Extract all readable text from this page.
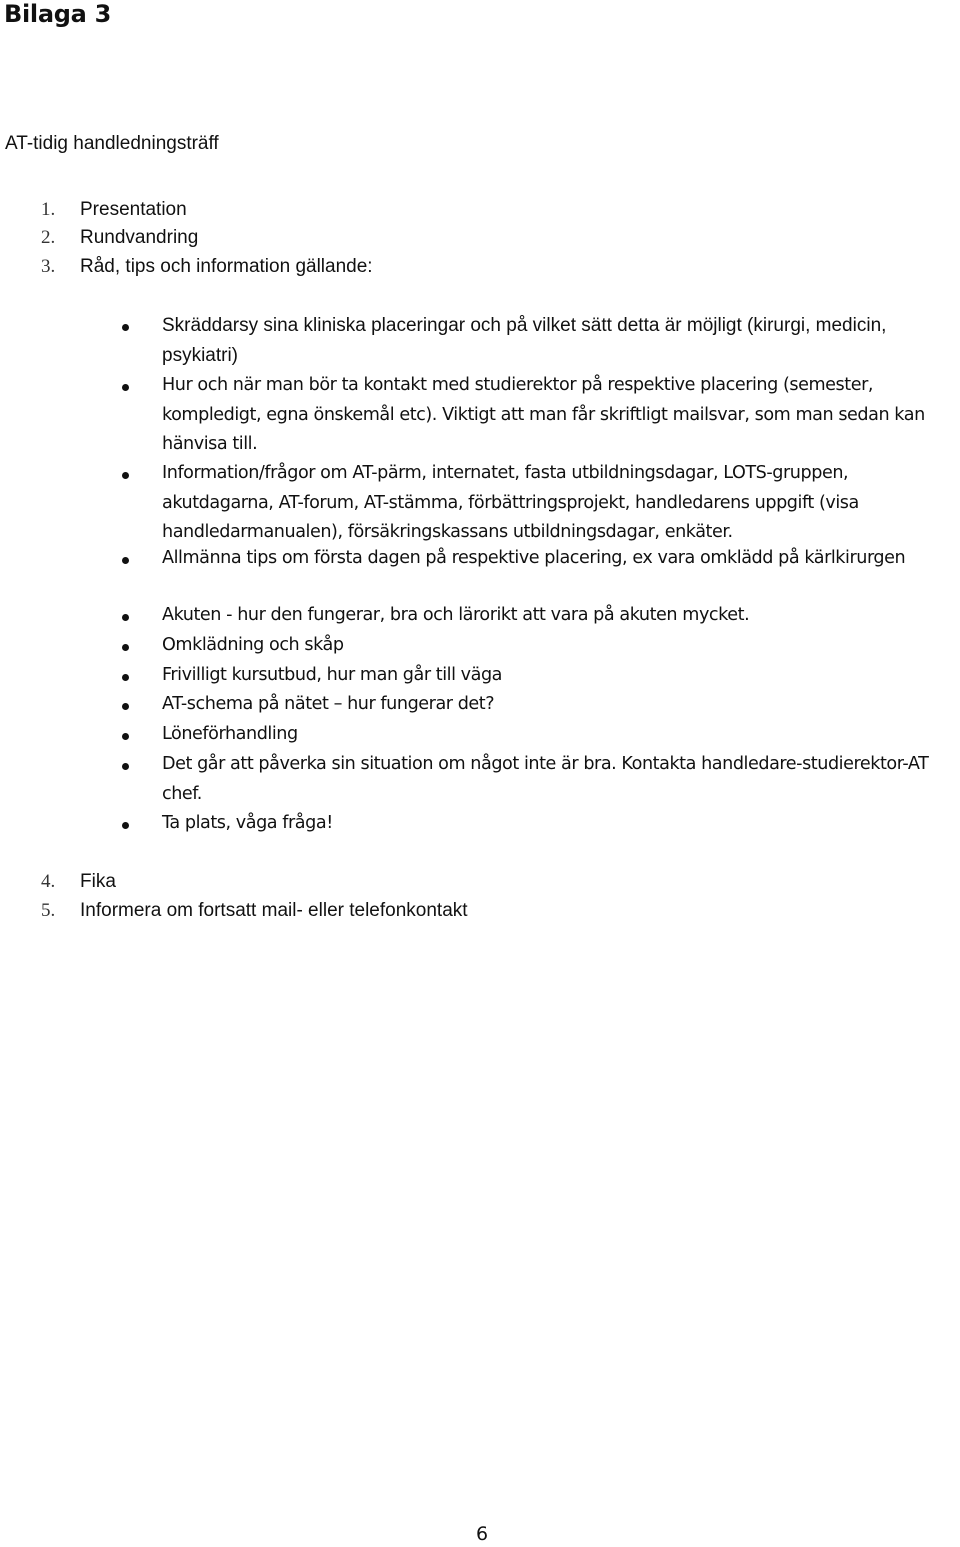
Bilaga 3
AT-tidig handledningsträff
1.	Presentation
2.	Rundvandring
3.	Råd, tips och information gällande:
Skräddarsy sina kliniska placeringar och på vilket sätt detta är möjligt (kirurgi, medicin, psykiatri)
Hur och när man bör ta kontakt med studierektor på respektive placering (semester, kompledigt, egna önskemål etc). Viktigt att man får skriftligt mailsvar, som man sedan kan hänvisa till.
Information/frågor om AT-pärm, internatet, fasta utbildningsdagar, LOTS-gruppen, akutdagarna, AT-forum, AT-stämma, förbättringsprojekt, handledarens uppgift (visa handledarmanualen), försäkringskassans utbildningsdagar, enkäter.
Allmänna tips om första dagen på respektive placering, ex vara omklädd på kärlkirurgen
Akuten - hur den fungerar, bra och lärorikt att vara på akuten mycket.
Omklädning och skåp
Frivilligt kursutbud, hur man går till väga
AT-schema på nätet – hur fungerar det?
Löneförhandling
Det går att påverka sin situation om något inte är bra. Kontakta handledare-studierektor-AT chef.
Ta plats, våga fråga!
4.	Fika
5.	Informera om fortsatt mail- eller telefonkontakt
6
